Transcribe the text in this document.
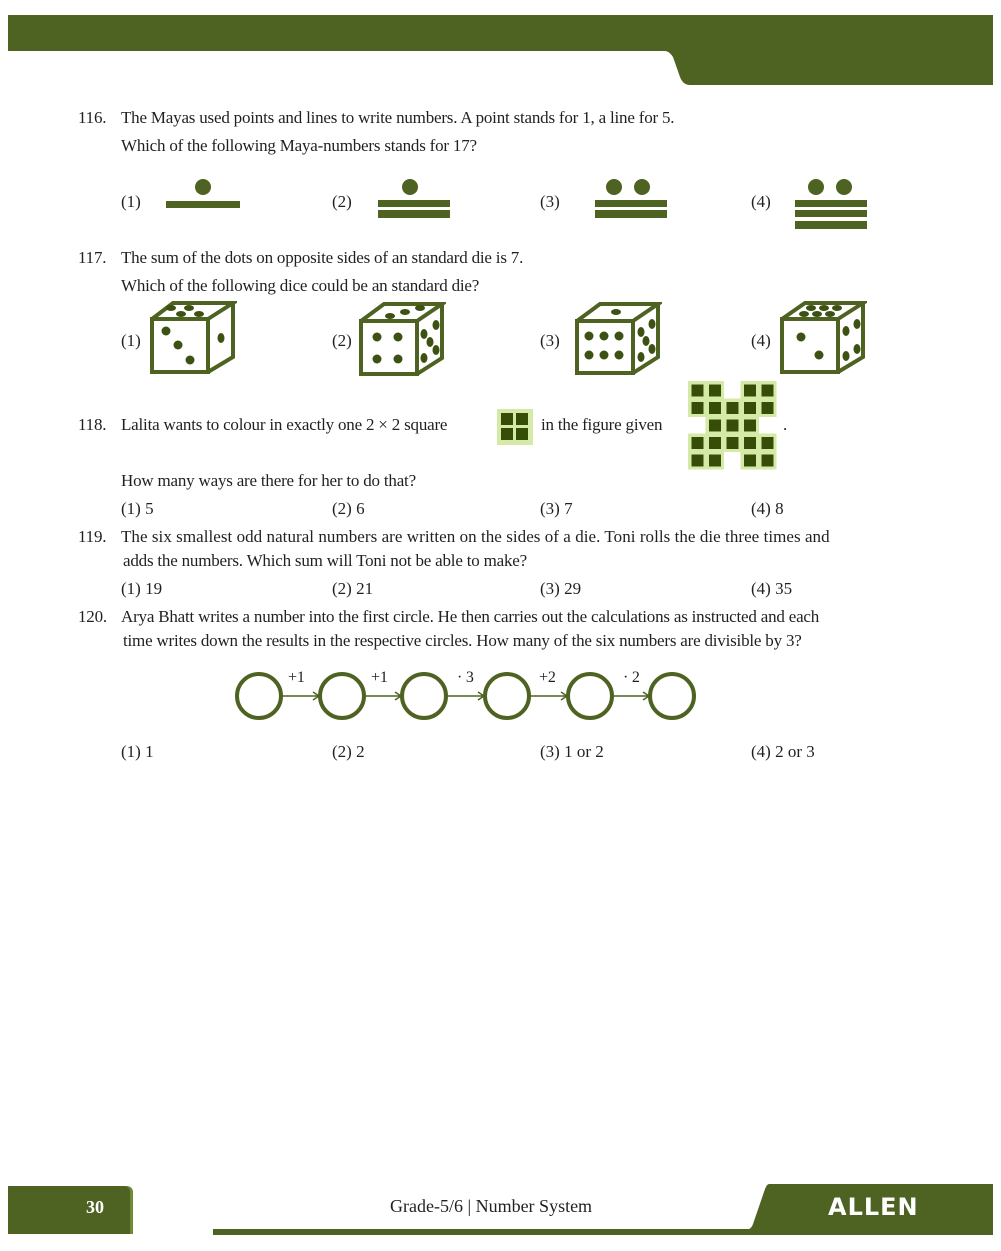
116. The Mayas used points and lines to write numbers. A point stands for 1, a line for 5.
Which of the following Maya-numbers stands for 17?
(1)	(2)	(3)	(4)
117. The sum of the dots on opposite sides of an standard die is 7.
Which of the following dice could be an standard die?
(1)	(2)	(3)	(4)
118. Lalita wants to colour in exactly one 2 × 2 square	in the figure given	.
How many ways are there for her to do that?
(1) 5	(2) 6	(3) 7	(4) 8
119. The six smallest odd natural numbers are written on the sides of a die. Toni rolls the die three times and
adds the numbers. Which sum will Toni not be able to make?
(1) 19	(2) 21	(3) 29	(4) 35
120. Arya Bhatt writes a number into the first circle. He then carries out the calculations as instructed and each
time writes down the results in the respective circles. How many of the six numbers are divisible by 3?
+1	+1	· 3	+2	· 2
(1) 1	(2) 2	(3) 1 or 2	(4) 2 or 3
30	Grade-5/6 | Number System	ALLEN
